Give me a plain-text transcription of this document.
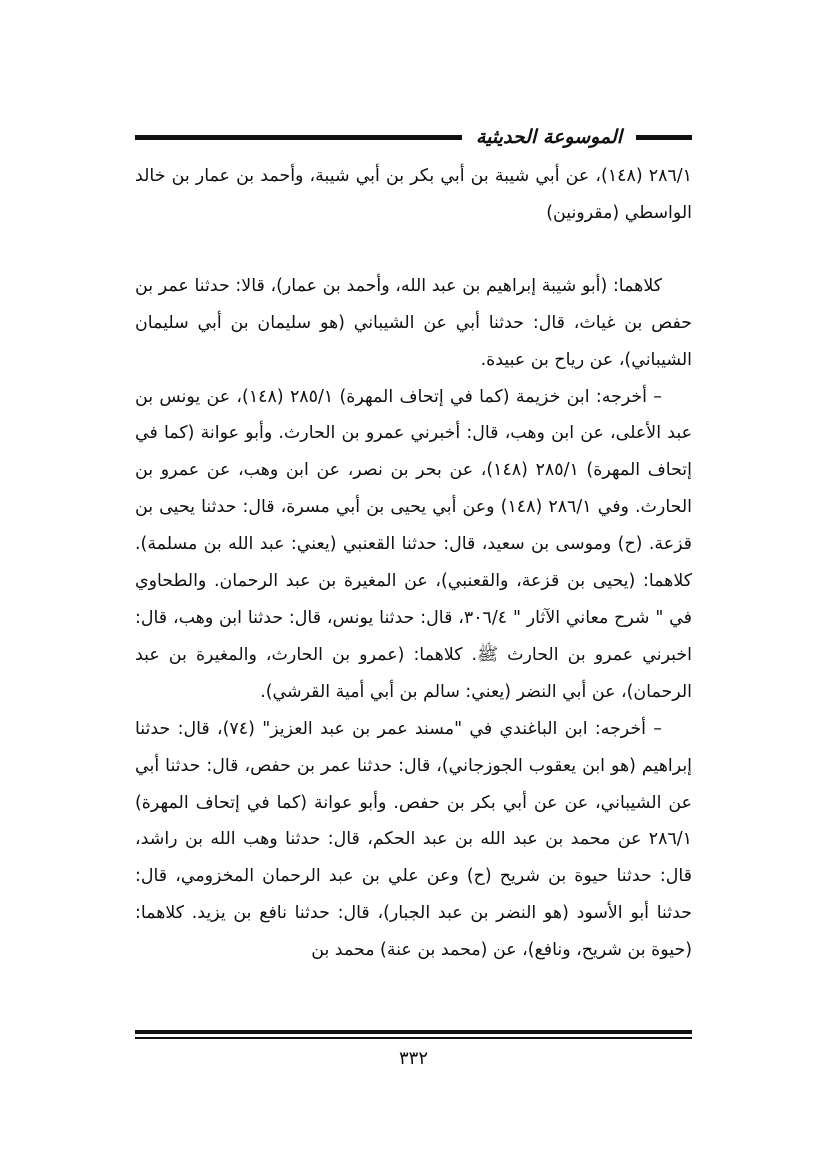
الموسوعة الحديثية

٢٨٦/١ (١٤٨)، عن أبي شيبة بن أبي بكر بن أبي شيبة، وأحمد بن عمار بن خالد الواسطي (مقرونين)

كلاهما: (أبو شيبة إبراهيم بن عبد الله، وأحمد بن عمار)، قالا: حدثنا عمر بن حفص بن غياث، قال: حدثنا أبي عن الشيباني (هو سليمان بن أبي سليمان الشيباني)، عن رياح بن عبيدة.

– أخرجه: ابن خزيمة (كما في إتحاف المهرة) ٢٨٥/١ (١٤٨)، عن يونس بن عبد الأعلى، عن ابن وهب، قال: أخبرني عمرو بن الحارث. وأبو عوانة (كما في إتحاف المهرة) ٢٨٥/١ (١٤٨)، عن بحر بن نصر، عن ابن وهب، عن عمرو بن الحارث. وفي ٢٨٦/١ (١٤٨) وعن أبي يحيى بن أبي مسرة، قال: حدثنا يحيى بن قزعة. (ح) وموسى بن سعيد، قال: حدثنا القعنبي (يعني: عبد الله بن مسلمة). كلاهما: (يحيى بن قزعة، والقعنبي)، عن المغيرة بن عبد الرحمان. والطحاوي في " شرح معاني الآثار " ٣٠٦/٤، قال: حدثنا يونس، قال: حدثنا ابن وهب، قال: اخبرني عمرو بن الحارث ﷺ. كلاهما: (عمرو بن الحارث، والمغيرة بن عبد الرحمان)، عن أبي النضر (يعني: سالم بن أبي أمية القرشي).

– أخرجه: ابن الباغندي في "مسند عمر بن عبد العزيز" (٧٤)، قال: حدثنا إبراهيم (هو ابن يعقوب الجوزجاني)، قال: حدثنا عمر بن حفص، قال: حدثنا أبي عن الشيباني، عن عن أبي بكر بن حفص. وأبو عوانة (كما في إتحاف المهرة) ٢٨٦/١ عن محمد بن عبد الله بن عبد الحكم، قال: حدثنا وهب الله بن راشد، قال: حدثنا حيوة بن شريح (ح) وعن علي بن عبد الرحمان المخزومي، قال: حدثنا أبو الأسود (هو النضر بن عبد الجبار)، قال: حدثنا نافع بن يزيد. كلاهما: (حيوة بن شريح، ونافع)، عن (محمد بن عنة) محمد بن

٣٣٢
